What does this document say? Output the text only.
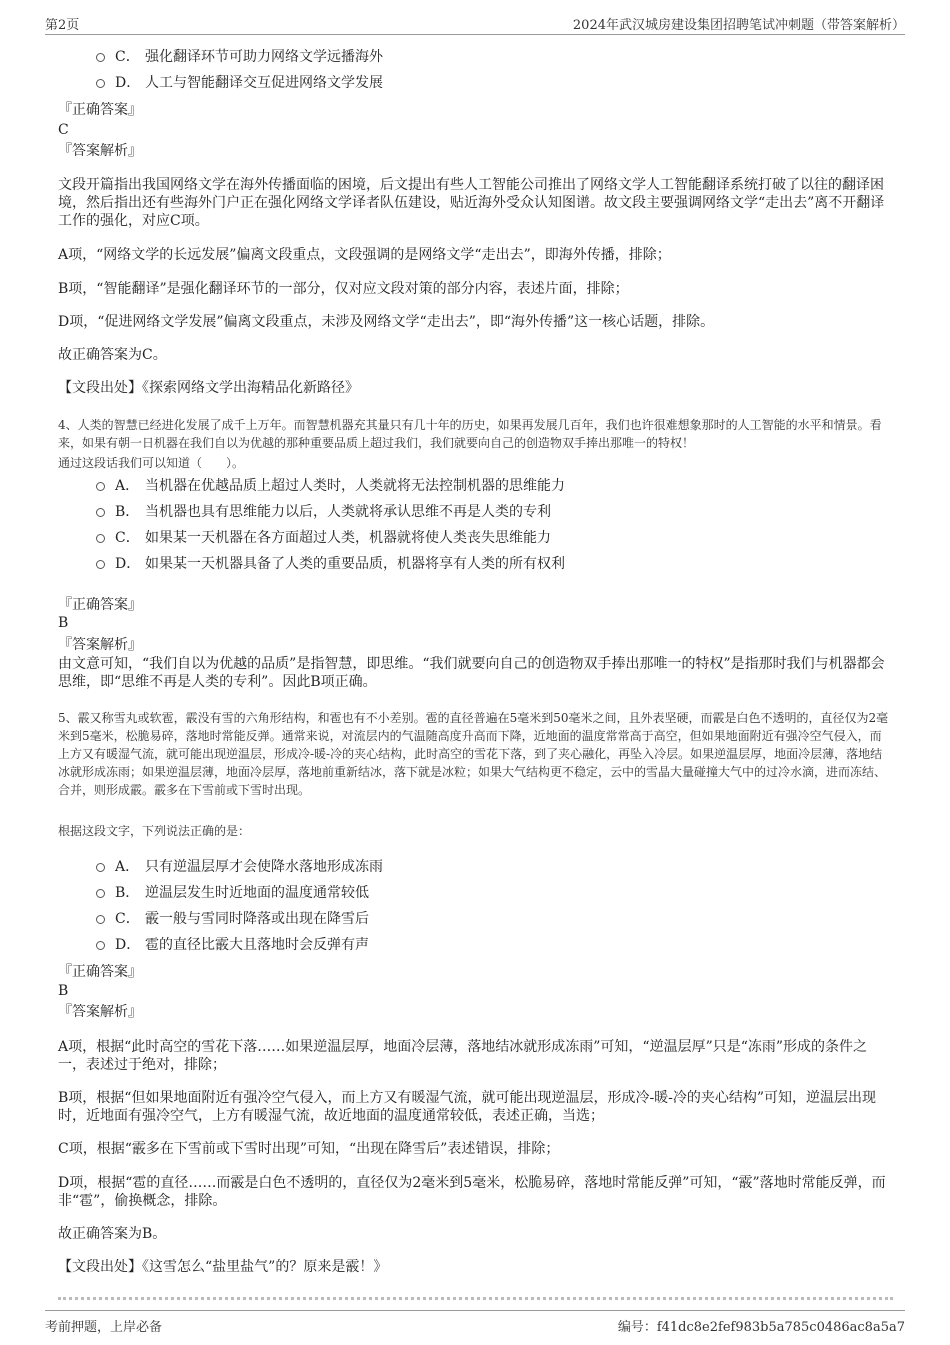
第2页	2024年武汉城房建设集团招聘笔试冲刺题（带答案解析）
C． 强化翻译环节可助力网络文学远播海外
D． 人工与智能翻译交互促进网络文学发展
『正确答案』
C
『答案解析』
文段开篇指出我国网络文学在海外传播面临的困境，后文提出有些人工智能公司推出了网络文学人工智能翻译系统打破了以往的翻译困境，然后指出还有些海外门户正在强化网络文学译者队伍建设，贴近海外受众认知图谱。故文段主要强调网络文学“走出去”离不开翻译工作的强化，对应C项。
A项，“网络文学的长远发展”偏离文段重点，文段强调的是网络文学“走出去”，即海外传播，排除；
B项，“智能翻译”是强化翻译环节的一部分，仅对应文段对策的部分内容，表述片面，排除；
D项，“促进网络文学发展”偏离文段重点，未涉及网络文学“走出去”，即“海外传播”这一核心话题，排除。
故正确答案为C。
【文段出处】《探索网络文学出海精品化新路径》
4、人类的智慧已经进化发展了成千上万年。而智慧机器充其量只有几十年的历史，如果再发展几百年，我们也许很难想象那时的人工智能的水平和情景。看来，如果有朝一日机器在我们自以为优越的那种重要品质上超过我们，我们就要向自己的创造物双手捧出那唯一的特权！
通过这段话我们可以知道（　　）。
A． 当机器在优越品质上超过人类时，人类就将无法控制机器的思维能力
B． 当机器也具有思维能力以后，人类就将承认思维不再是人类的专利
C． 如果某一天机器在各方面超过人类，机器就将使人类丧失思维能力
D． 如果某一天机器具备了人类的重要品质，机器将享有人类的所有权利
『正确答案』
B
『答案解析』
由文意可知，“我们自以为优越的品质”是指智慧，即思维。“我们就要向自己的创造物双手捧出那唯一的特权”是指那时我们与机器都会思维，即“思维不再是人类的专利”。因此B项正确。
5、霰又称雪丸或软雹，霰没有雪的六角形结构，和雹也有不小差别。雹的直径普遍在5毫米到50毫米之间，且外表坚硬，而霰是白色不透明的，直径仅为2毫米到5毫米，松脆易碎，落地时常能反弹。通常来说，对流层内的气温随高度升高而下降，近地面的温度常常高于高空，但如果地面附近有强冷空气侵入，而上方又有暖湿气流，就可能出现逆温层，形成冷-暖-冷的夹心结构，此时高空的雪花下落，到了夹心融化，再坠入冷层。如果逆温层厚，地面冷层薄，落地结冰就形成冻雨；如果逆温层薄，地面冷层厚，落地前重新结冰，落下就是冰粒；如果大气结构更不稳定，云中的雪晶大量碰撞大气中的过冷水滴，进而冻结、合并，则形成霰。霰多在下雪前或下雪时出现。
根据这段文字，下列说法正确的是：
A． 只有逆温层厚才会使降水落地形成冻雨
B． 逆温层发生时近地面的温度通常较低
C． 霰一般与雪同时降落或出现在降雪后
D． 雹的直径比霰大且落地时会反弹有声
『正确答案』
B
『答案解析』
A项，根据“此时高空的雪花下落……如果逆温层厚，地面冷层薄，落地结冰就形成冻雨”可知，“逆温层厚”只是“冻雨”形成的条件之一，表述过于绝对，排除；
B项，根据“但如果地面附近有强冷空气侵入，而上方又有暖湿气流，就可能出现逆温层，形成冷-暖-冷的夹心结构”可知，逆温层出现时，近地面有强冷空气，上方有暖湿气流，故近地面的温度通常较低，表述正确，当选；
C项，根据“霰多在下雪前或下雪时出现”可知，“出现在降雪后”表述错误，排除；
D项，根据“雹的直径……而霰是白色不透明的，直径仅为2毫米到5毫米，松脆易碎，落地时常能反弹”可知，“霰”落地时常能反弹，而非“雹”，偷换概念，排除。
故正确答案为B。
【文段出处】《这雪怎么“盐里盐气”的？原来是霰！》
考前押题，上岸必备	编号：f41dc8e2fef983b5a785c0486ac8a5a7
